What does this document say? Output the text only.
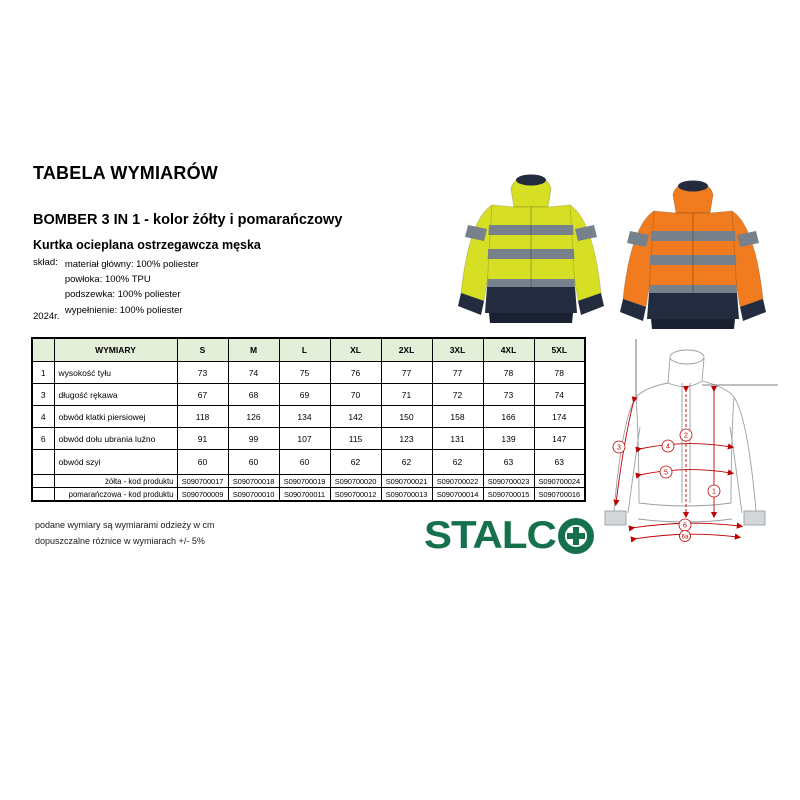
TABELA WYMIARÓW
BOMBER 3 IN 1 - kolor żółty i pomarańczowy
Kurtka ocieplana ostrzegawcza męska
skład: materiał główny: 100% poliester
powłoka: 100% TPU
podszewka: 100% poliester
wypełnienie: 100% poliester
2024r.
	WYMIARY	S	M	L	XL	2XL	3XL	4XL	5XL
1	wysokość tyłu	73	74	75	76	77	77	78	78
3	długość rękawa	67	68	69	70	71	72	73	74
4	obwód klatki piersiowej	118	126	134	142	150	158	166	174
6	obwód dołu ubrania luźno	91	99	107	115	123	131	139	147
	obwód szyi	60	60	60	62	62	62	63	63
	żółta - kod produktu	S090700017	S090700018	S090700019	S090700020	S090700021	S090700022	S090700023	S090700024
	pomarańczowa - kod produktu	S090700009	S090700010	S090700011	S090700012	S090700013	S090700014	S090700015	S090700016	1
2
3	4
5
6
6a
podane wymiary są wymiarami odzieży w cm
dopuszczalne różnice w wymiarach +/- 5%	STALC
